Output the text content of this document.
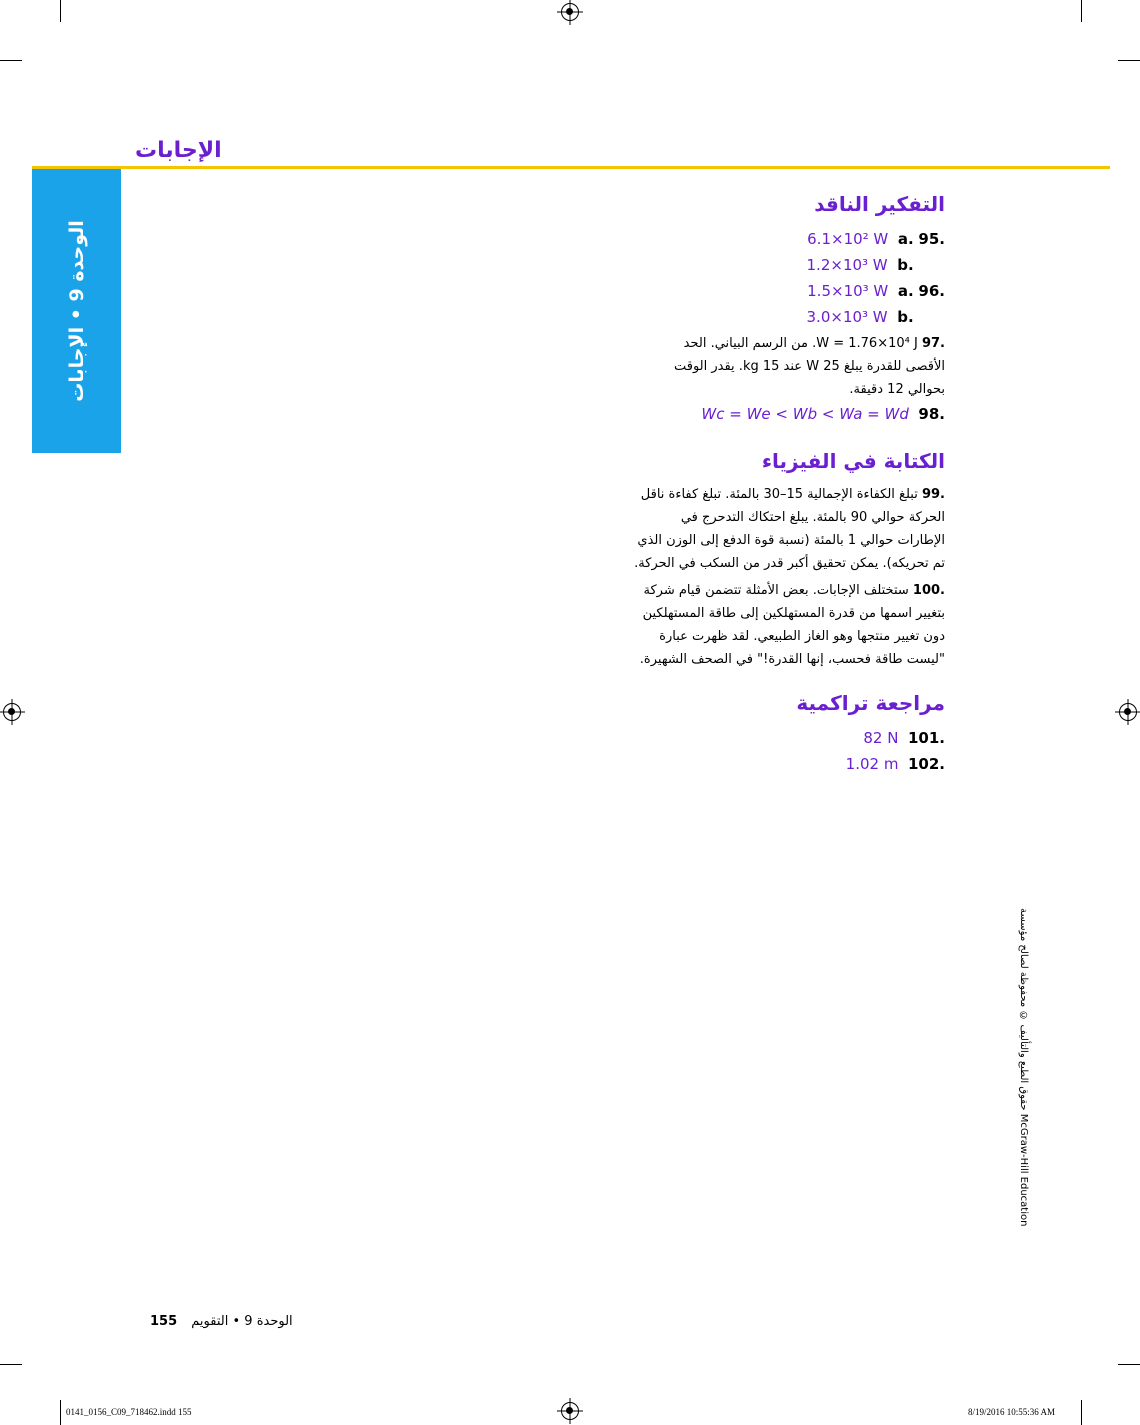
الإجابات
الوحدة 9 • الإجابات
التفكير الناقد
.95 .a  6.1×10² W
.b  1.2×10³ W
.96 .a  1.5×10³ W
.b  3.0×10³ W

.97 W = 1.76×10⁴ J. من الرسم البياني. الحد
الأقصى للقدرة يبلغ 25 W عند 15 kg. يقدر الوقت
بحوالي 12 دقيقة.

.98  Wc = We < Wb < Wa = Wd
الكتابة في الفيزياء

.99 تبلغ الكفاءة الإجمالية 15–30 بالمئة. تبلغ كفاءة ناقل
الحركة حوالي 90 بالمئة. يبلغ احتكاك التدحرج في
الإطارات حوالي 1 بالمئة (نسبة قوة الدفع إلى الوزن الذي
تم تحريكه). يمكن تحقيق أكبر قدر من السكب في الحركة.

.100 ستختلف الإجابات. بعض الأمثلة تتضمن قيام شركة
بتغيير اسمها من قدرة المستهلكين إلى طاقة المستهلكين
دون تغيير منتجها وهو الغاز الطبيعي. لقد ظهرت عبارة
"ليست طاقة فحسب، إنها القدرة!" في الصحف الشهيرة.

مراجعة تراكمية
.101  82 N
.102  1.02 m
حقوق الطبع والتأليف © محفوظة لصالح مؤسسة McGraw-Hill Education
155 الوحدة 9 • التقويم
0141_0156_C09_718462.indd 155	8/19/2016 10:55:36 AM
